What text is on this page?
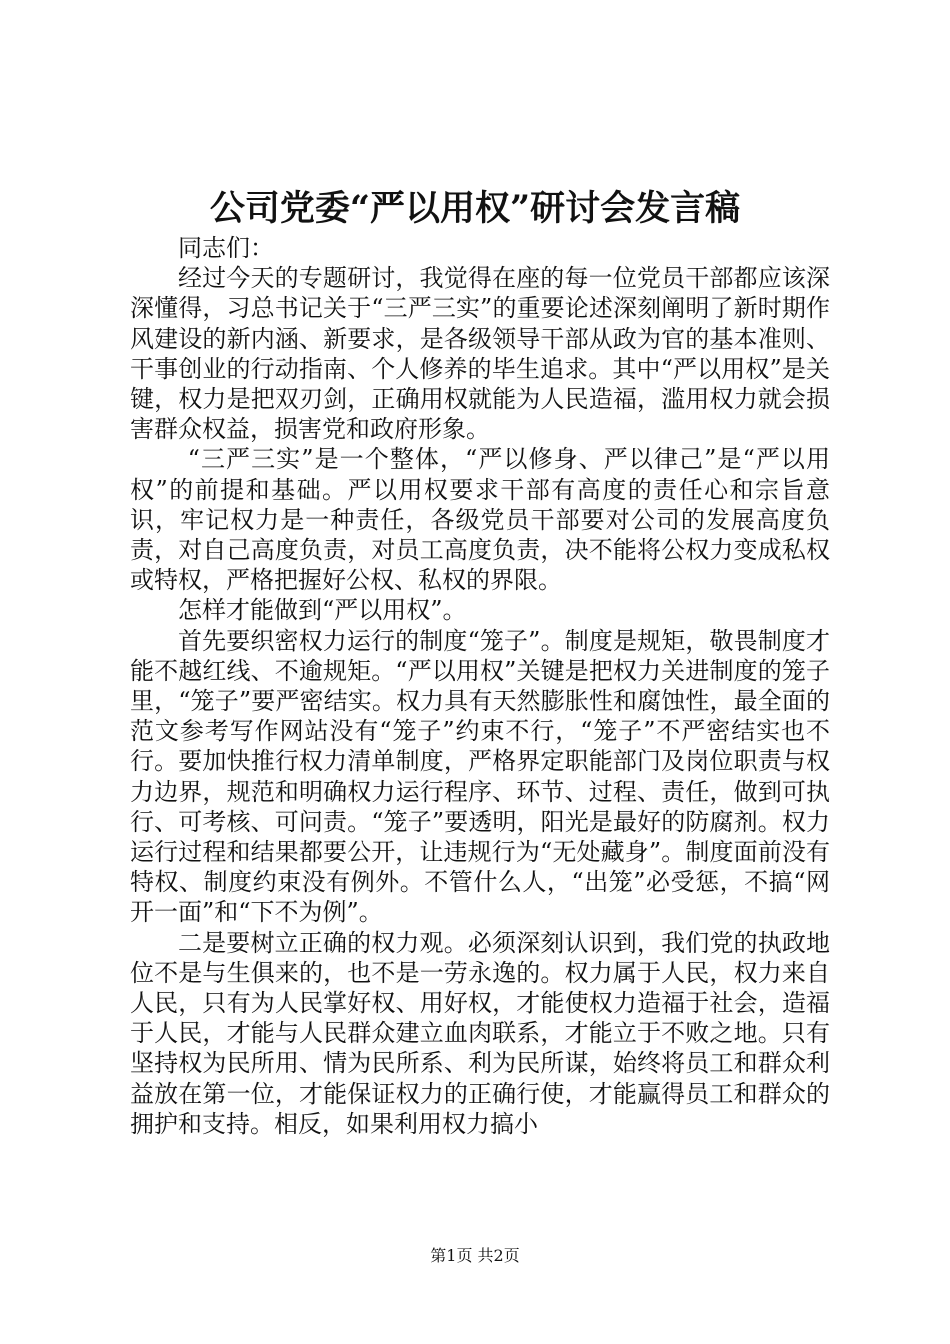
公司党委“严以用权”研讨会发言稿

同志们：

经过今天的专题研讨，我觉得在座的每一位党员干部都应该深深懂得，习总书记关于“三严三实”的重要论述深刻阐明了新时期作风建设的新内涵、新要求，是各级领导干部从政为官的基本准则、干事创业的行动指南、个人修养的毕生追求。其中“严以用权”是关键，权力是把双刃剑，正确用权就能为人民造福，滥用权力就会损害群众权益，损害党和政府形象。

“三严三实”是一个整体，“严以修身、严以律己”是“严以用权”的前提和基础。严以用权要求干部有高度的责任心和宗旨意识，牢记权力是一种责任，各级党员干部要对公司的发展高度负责，对自己高度负责，对员工高度负责，决不能将公权力变成私权或特权，严格把握好公权、私权的界限。

怎样才能做到“严以用权”。

首先要织密权力运行的制度“笼子”。制度是规矩，敬畏制度才能不越红线、不逾规矩。“严以用权”关键是把权力关进制度的笼子里，“笼子”要严密结实。权力具有天然膨胀性和腐蚀性，最全面的范文参考写作网站没有“笼子”约束不行，“笼子”不严密结实也不行。要加快推行权力清单制度，严格界定职能部门及岗位职责与权力边界，规范和明确权力运行程序、环节、过程、责任，做到可执行、可考核、可问责。“笼子”要透明，阳光是最好的防腐剂。权力运行过程和结果都要公开，让违规行为“无处藏身”。制度面前没有特权、制度约束没有例外。不管什么人，“出笼”必受惩，不搞“网开一面”和“下不为例”。

二是要树立正确的权力观。必须深刻认识到，我们党的执政地位不是与生俱来的，也不是一劳永逸的。权力属于人民，权力来自人民，只有为人民掌好权、用好权，才能使权力造福于社会，造福于人民，才能与人民群众建立血肉联系，才能立于不败之地。只有坚持权为民所用、情为民所系、利为民所谋，始终将员工和群众利益放在第一位，才能保证权力的正确行使，才能赢得员工和群众的拥护和支持。相反，如果利用权力搞小

第1页 共2页
